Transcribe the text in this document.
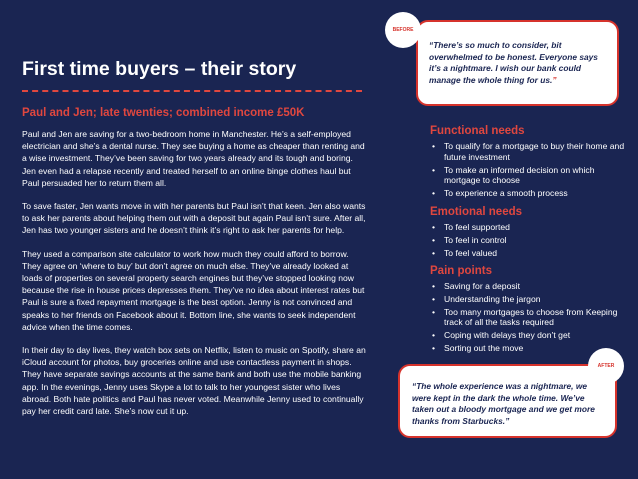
First time buyers – their story
Paul and Jen; late twenties; combined income £50K

Paul and Jen are saving for a two-bedroom home in Manchester. He’s a self-employed electrician and she’s a dental nurse. They see buying a home as cheaper than renting and a wise investment. They’ve been saving for two years already and its tough and boring. Jen even had a relapse recently and treated herself to an online binge clothes haul but Paul persuaded her to return them all.

To save faster, Jen wants move in with her parents but Paul isn’t that keen. Jen also wants to ask her parents about helping them out with a deposit but again Paul isn’t sure. After all, Jen has two younger sisters and he doesn’t think it’s right to ask her parents for help.

They used a comparison site calculator to work how much they could afford to borrow. They agree on ‘where to buy’ but don’t agree on much else. They’ve already looked at loads of properties on several property search engines but they’ve stopped looking now because the rise in house prices depresses them. They’ve no idea about interest rates but Paul is sure a fixed repayment mortgage is the best option. Jenny is not convinced and speaks to her friends on Facebook about it. Bottom line, she wants to seek independent advice when the time comes.

In their day to day lives, they watch box sets on Netflix, listen to music on Spotify, share an iCloud account for photos, buy groceries online and use contactless payment in shops. They have separate savings accounts at the same bank and both use the mobile banking app. In the evenings, Jenny uses Skype a lot to talk to her youngest sister who lives abroad. Both hate politics and Paul has never voted. Meanwhile Jenny used to continually pay her credit card late. She’s now cut it up.

“There’s so much to consider, bit overwhelmed to be honest. Everyone says it’s a nightmare. I wish our bank could manage the whole thing for us.”
BEFORE
Functional needs
• To qualify for a mortgage to buy their home and future investment
• To make an informed decision on which mortgage to choose
• To experience a smooth process
Emotional needs
• To feel supported
• To feel in control
• To feel valued
Pain points
• Saving for a deposit
• Understanding the jargon
• Too many mortgages to choose from Keeping track of all the tasks required
• Coping with delays they don’t get
• Sorting out the move
“The whole experience was a nightmare, we were kept in the dark the whole time. We’ve taken out a bloody mortgage and we get more thanks from Starbucks.”
AFTER
